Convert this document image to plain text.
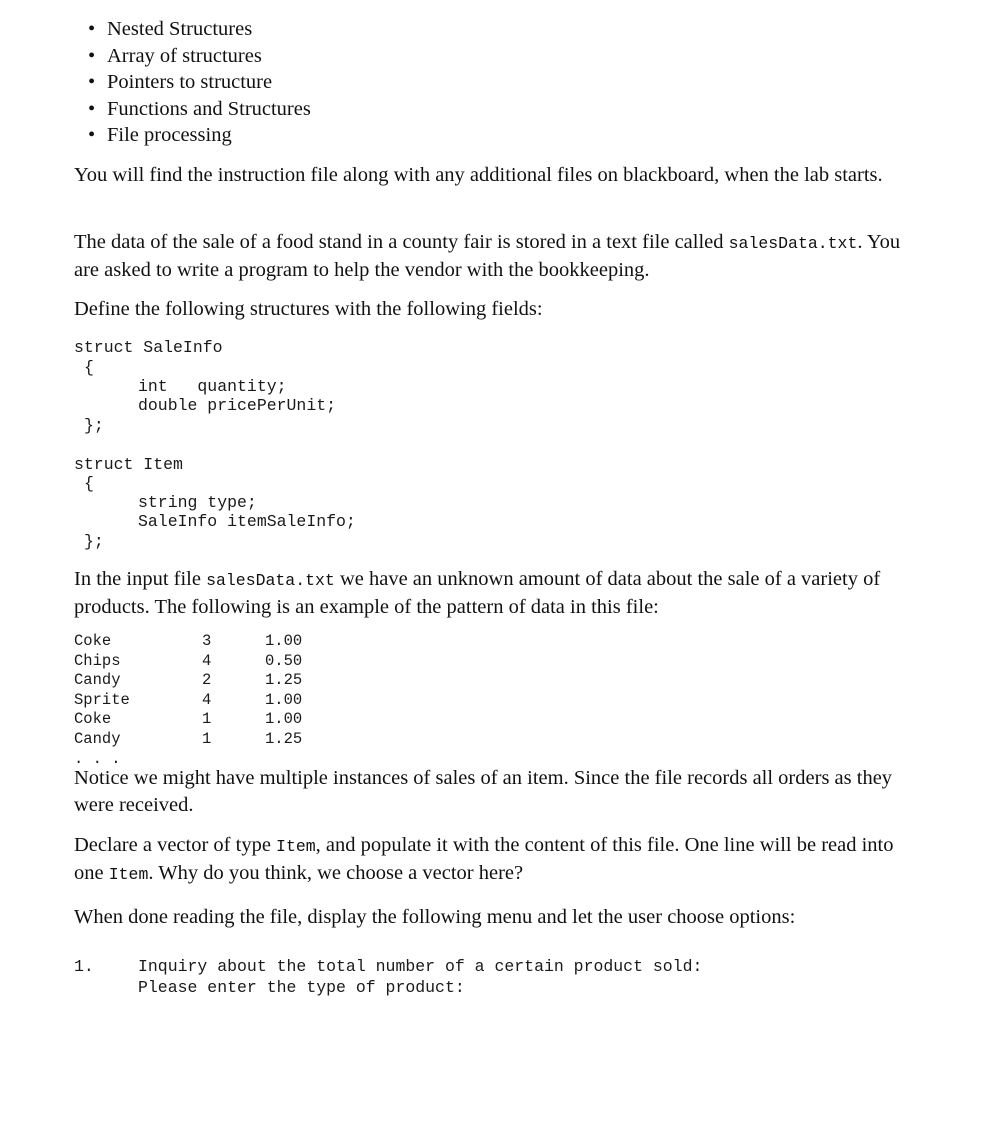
• Nested Structures
• Array of structures
• Pointers to structure
• Functions and Structures
• File processing

You will find the instruction file along with any additional files on blackboard, when the lab starts.

The data of the sale of a food stand in a county fair is stored in a text file called salesData.txt. You are asked to write a program to help the vendor with the bookkeeping.

Define the following structures with the following fields:

struct SaleInfo
{
int   quantity;
double pricePerUnit;
};
struct Item
{
string type;
SaleInfo itemSaleInfo;
};

In the input file salesData.txt we have an unknown amount of data about the sale of a variety of products. The following is an example of the pattern of data in this file:

Coke	3	1.00
Chips	4	0.50
Candy	2	1.25
Sprite	4	1.00
Coke	1	1.00
Candy	1	1.25
. . .

Notice we might have multiple instances of sales of an item. Since the file records all orders as they were received.

Declare a vector of type Item, and populate it with the content of this file. One line will be read into one Item. Why do you think, we choose a vector here?

When done reading the file, display the following menu and let the user choose options:

1.	Inquiry about the total number of a certain product sold:
Please enter the type of product:
